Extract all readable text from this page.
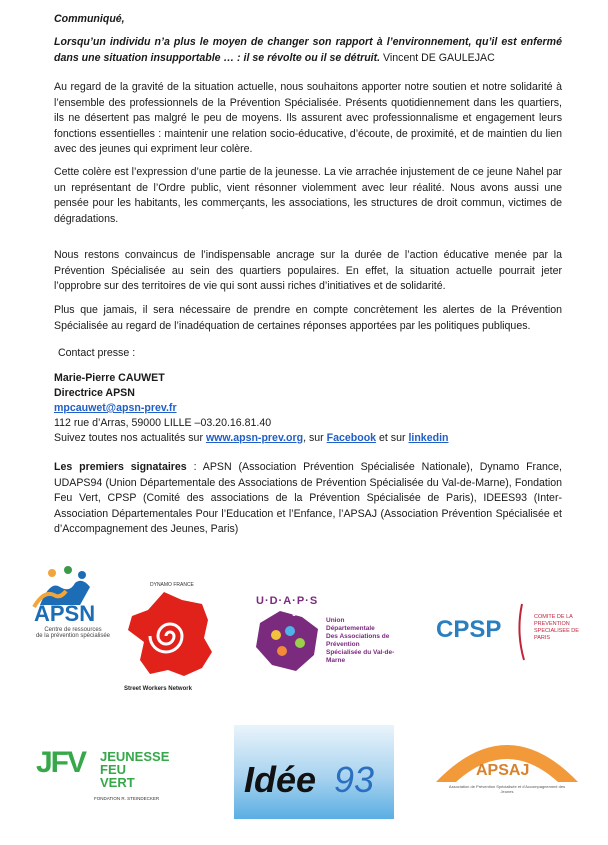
Communiqué,
Lorsqu’un individu n’a plus le moyen de changer son rapport à l’environnement, qu’il est enfermé dans une situation insupportable … : il se révolte ou il se détruit. Vincent DE GAULEJAC
Au regard de la gravité de la situation actuelle, nous souhaitons apporter notre soutien et notre solidarité à l’ensemble des professionnels de la Prévention Spécialisée. Présents quotidiennement dans les quartiers, ils ne désertent pas malgré le peu de moyens. Ils assurent avec professionnalisme et engagement leurs fonctions essentielles : maintenir une relation socio-éducative, d’écoute, de proximité, et de maintien du lien avec des jeunes qui expriment leur colère.
Cette colère est l’expression d’une partie de la jeunesse. La vie arrachée injustement de ce jeune Nahel par un représentant de l’Ordre public, vient résonner violemment avec leur réalité. Nous avons aussi une pensée pour les habitants, les commerçants, les associations, les structures de droit commun, victimes de dégradations.
Nous restons convaincus de l’indispensable ancrage sur la durée de l’action éducative menée par la Prévention Spécialisée au sein des quartiers populaires. En effet, la situation actuelle pourrait jeter l’opprobre sur des territoires de vie qui sont aussi riches d’initiatives et de solidarité.
Plus que jamais, il sera nécessaire de prendre en compte concrètement les alertes de la Prévention Spécialisée au regard de l’inadéquation de certaines réponses apportées par les politiques publiques.
Contact presse :
Marie-Pierre CAUWET
Directrice APSN
mpcauwet@apsn-prev.fr
112 rue d’Arras, 59000 LILLE –03.20.16.81.40
Suivez toutes nos actualités sur www.apsn-prev.org, sur Facebook et sur linkedin
Les premiers signataires : APSN (Association Prévention Spécialisée Nationale), Dynamo France, UDAPS94 (Union Départementale des Associations de Prévention Spécialisée du Val-de-Marne), Fondation Feu Vert, CPSP (Comité des associations de la Prévention Spécialisée de Paris), IDEES93 (Inter-Association Départementales Pour l’Education et l’Enfance, l’APSAJ (Association Prévention Spécialisée et d’Accompagnement des Jeunes, Paris)
APSN
Centre de ressources
de la prévention spécialisée
DYNAMO FRANCE
Street Workers Network
U·D·A·P·S
94
Union
Départementale
Des Associations de
Prévention
Spécialisée du Val-de-
Marne
CPSP	COMITE DE LA
PREVENTION
SPECIALISEE DE
PARIS
JFV JEUNESSE
FEU
VERT
FONDATION R. STEINDECKER Idée 93	APSAJ
Association de Prévention Spécialisée et d'Accompagnement des Jeunes
